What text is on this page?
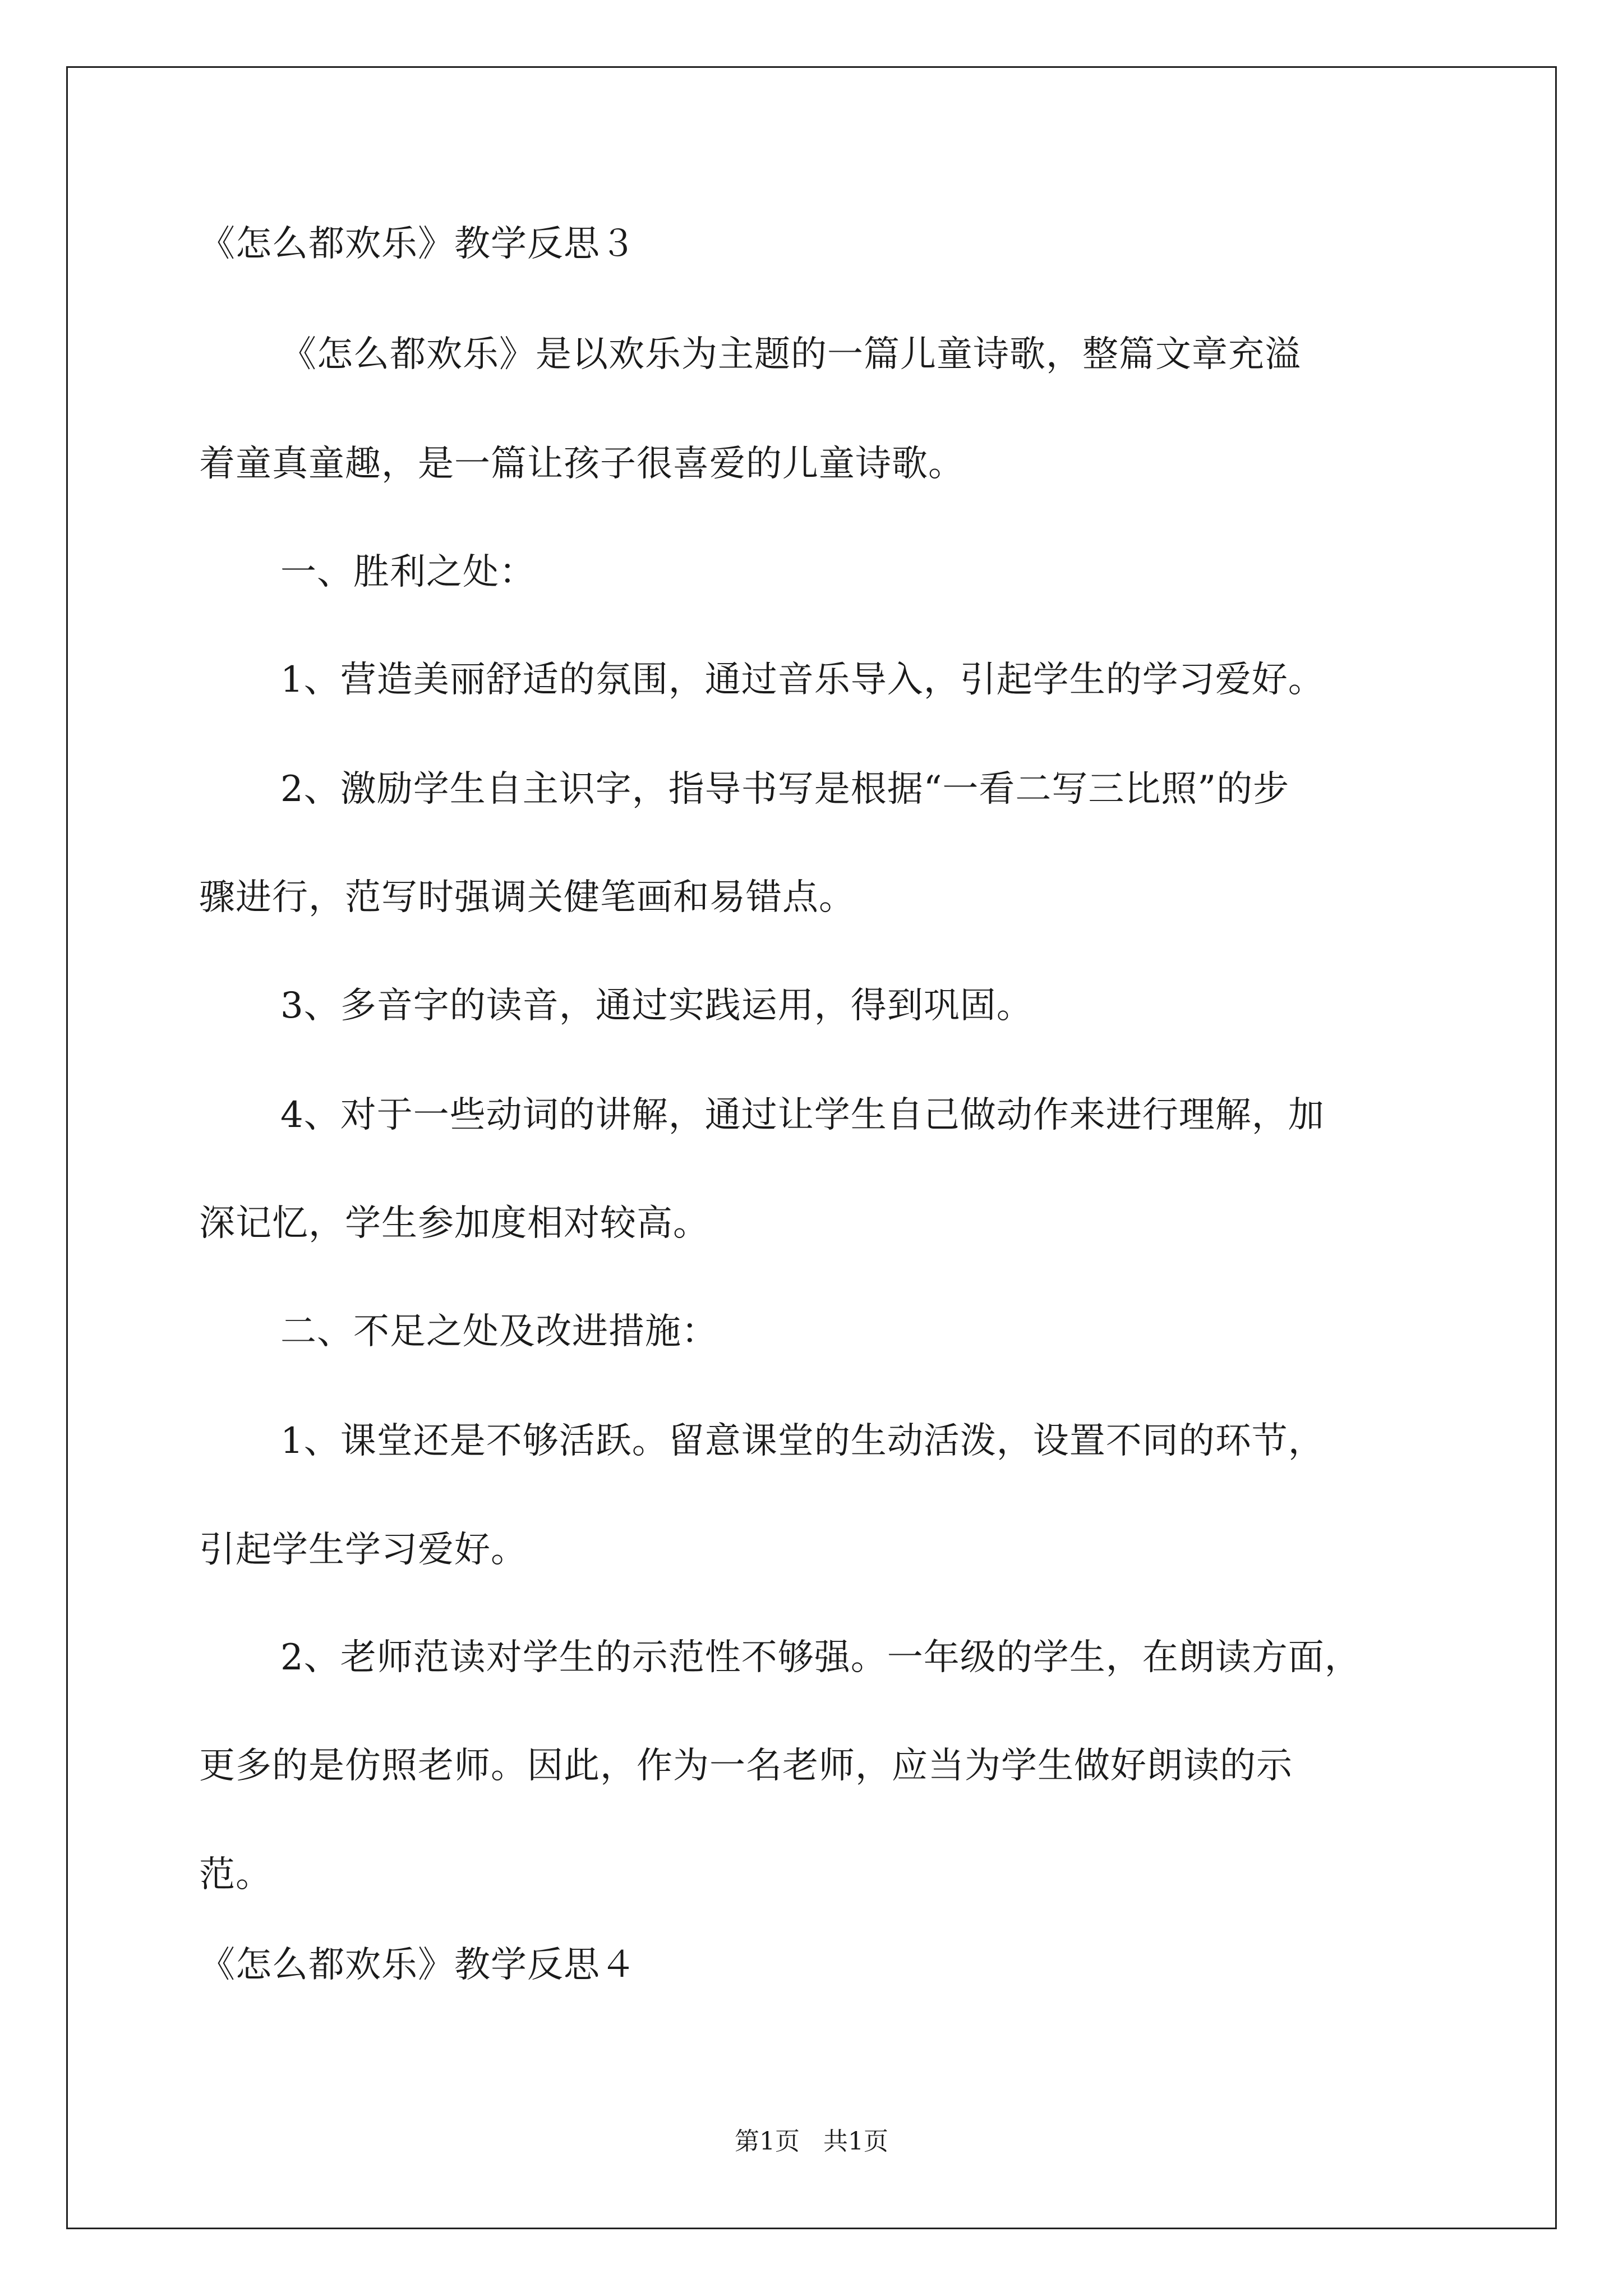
《怎么都欢乐》教学反思３
《怎么都欢乐》是以欢乐为主题的一篇儿童诗歌，整篇文章充溢
着童真童趣，是一篇让孩子很喜爱的儿童诗歌。
一、胜利之处：
1、营造美丽舒适的氛围，通过音乐导入，引起学生的学习爱好。
2、激励学生自主识字，指导书写是根据“一看二写三比照”的步
骤进行，范写时强调关健笔画和易错点。
3、多音字的读音，通过实践运用，得到巩固。
4、对于一些动词的讲解，通过让学生自己做动作来进行理解，加
深记忆，学生参加度相对较高。
二、不足之处及改进措施：
1、课堂还是不够活跃。留意课堂的生动活泼，设置不同的环节，
引起学生学习爱好。
2、老师范读对学生的示范性不够强。一年级的学生，在朗读方面，
更多的是仿照老师。因此，作为一名老师，应当为学生做好朗读的示
范。
《怎么都欢乐》教学反思４
第1页   共1页
